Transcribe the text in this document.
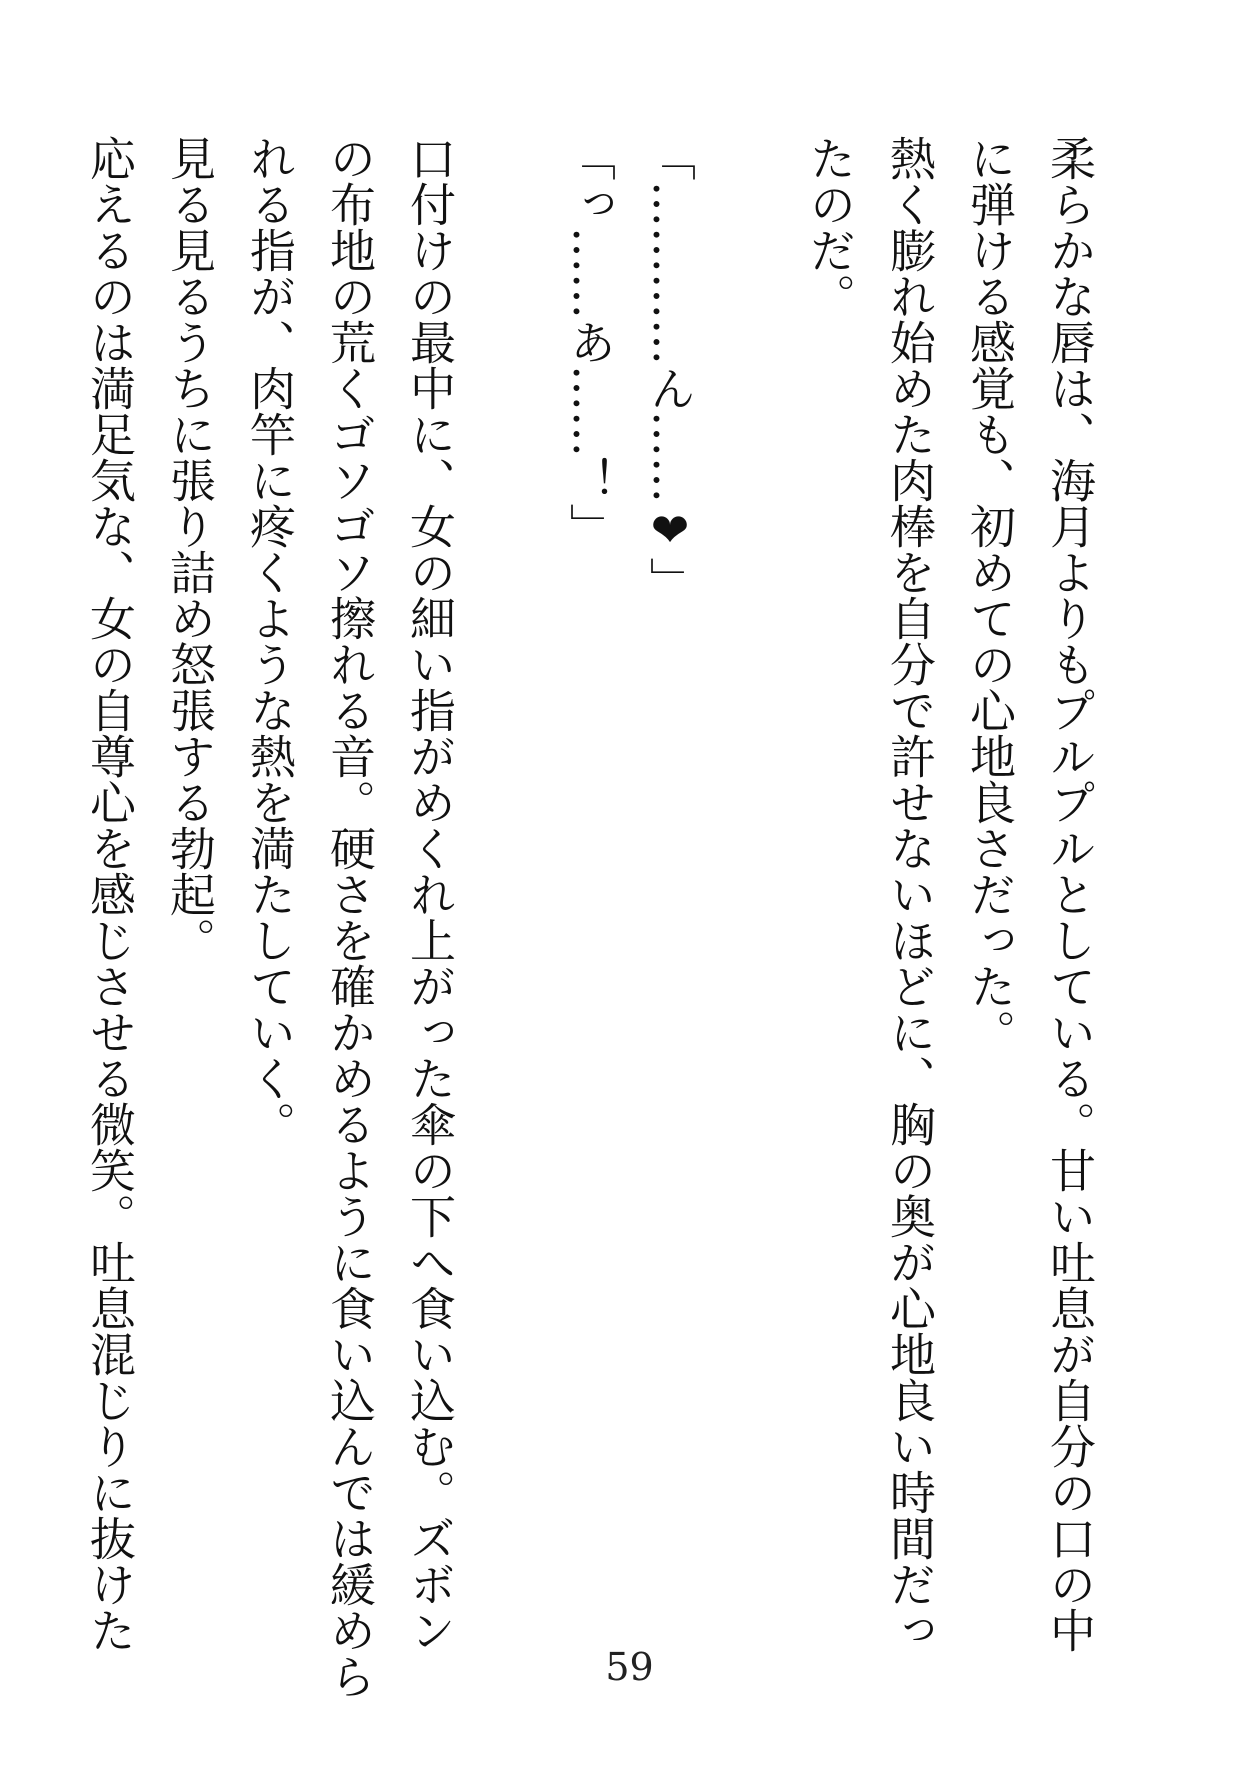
柔らかな唇は、海月よりもプルプルとしている。甘い吐息が自分の口の中

に弾ける感覚も、初めての心地良さだった。

熱く膨れ始めた肉棒を自分で許せないほどに、胸の奥が心地良い時間だっ

たのだ。

「…………ん……❤」

「っ……あ……！」

口付けの最中に、女の細い指がめくれ上がった傘の下へ食い込む。ズボン

の布地の荒くゴソゴソ擦れる音。硬さを確かめるように食い込んでは緩めら

れる指が、肉竿に疼くような熱を満たしていく。

見る見るうちに張り詰め怒張する勃起。

応えるのは満足気な、女の自尊心を感じさせる微笑。吐息混じりに抜けた

59
